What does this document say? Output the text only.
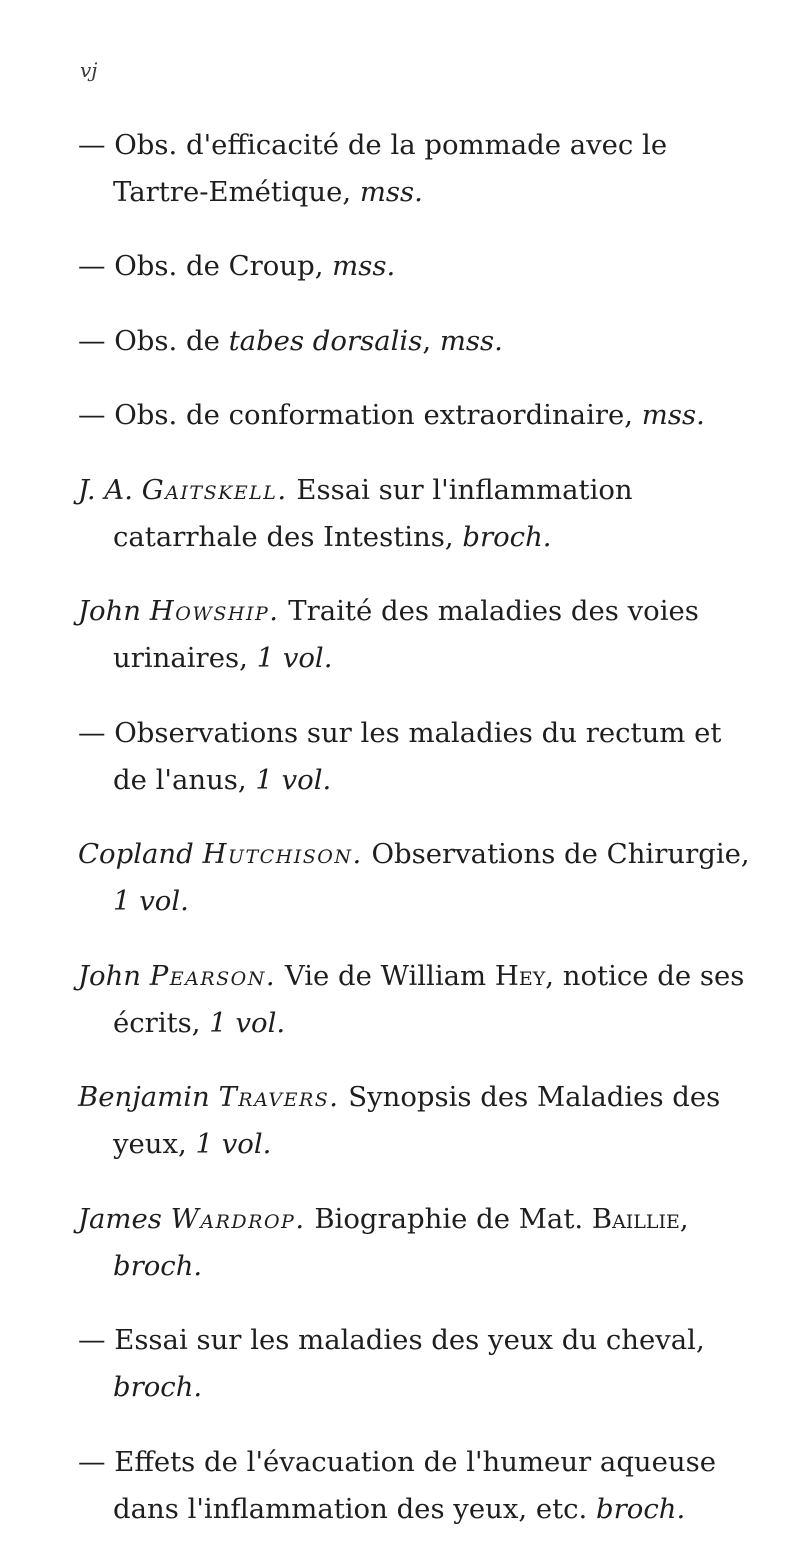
vj

— Obs. d'efficacité de la pommade avec le Tartre-Emétique, mss.

— Obs. de Croup, mss.

— Obs. de tabes dorsalis, mss.

— Obs. de conformation extraordinaire, mss.

J. A. Gaitskell. Essai sur l'inflammation catarrhale des Intestins, broch.

John Howship. Traité des maladies des voies urinaires, 1 vol.

— Observations sur les maladies du rectum et de l'anus, 1 vol.

Copland Hutchison. Observations de Chirurgie, 1 vol.

John Pearson. Vie de William Hey, notice de ses écrits, 1 vol.

Benjamin Travers. Synopsis des Maladies des yeux, 1 vol.

James Wardrop. Biographie de Mat. Baillie, broch.

— Essai sur les maladies des yeux du cheval, broch.

— Effets de l'évacuation de l'humeur aqueuse dans l'inflammation des yeux, etc. broch.
